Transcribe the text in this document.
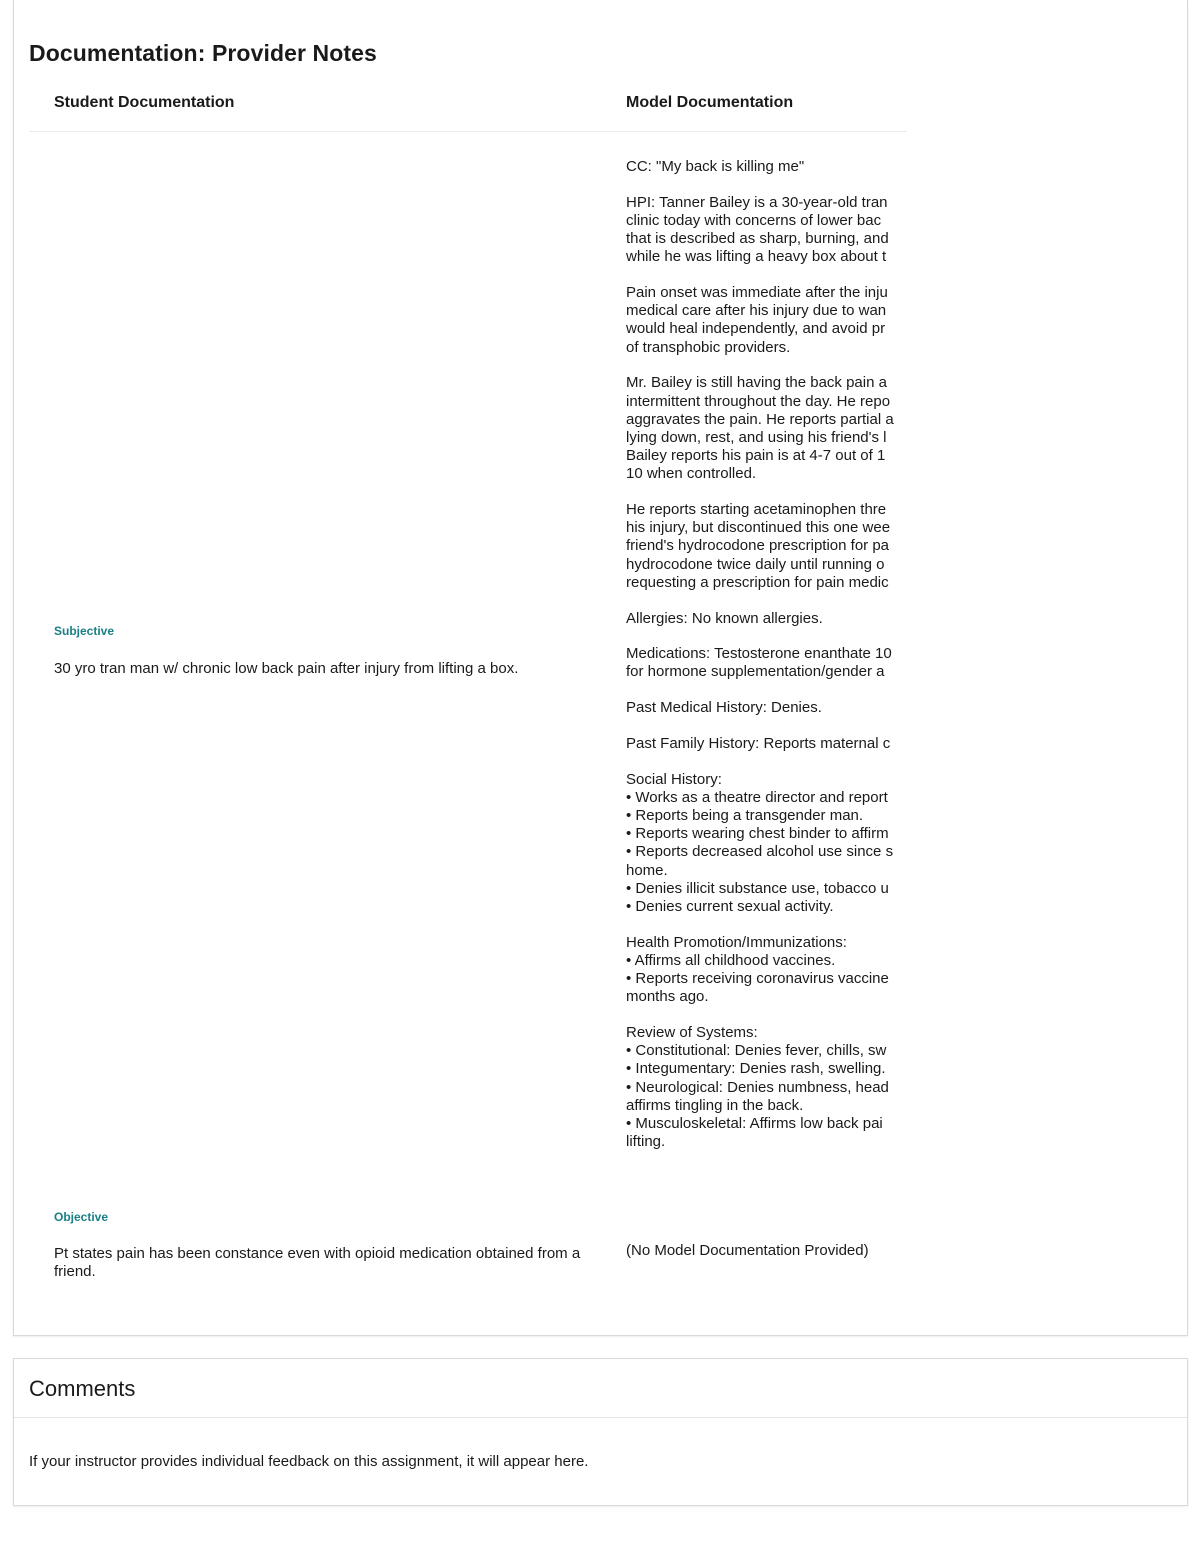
Documentation: Provider Notes
Student Documentation	Model Documentation
Subjective
30 yro tran man w/ chronic low back pain after injury from lifting a box.

CC: "My back is killing me"

HPI: Tanner Bailey is a 30-year-old tran
clinic today with concerns of lower bac
that is described as sharp, burning, and
while he was lifting a heavy box about t

Pain onset was immediate after the inju
medical care after his injury due to wan
would heal independently, and avoid pr
of transphobic providers.

Mr. Bailey is still having the back pain a
intermittent throughout the day. He repo
aggravates the pain. He reports partial a
lying down, rest, and using his friend's l
Bailey reports his pain is at 4-7 out of 1
10 when controlled.

He reports starting acetaminophen thre
his injury, but discontinued this one wee
friend's hydrocodone prescription for pa
hydrocodone twice daily until running o
requesting a prescription for pain medic

Allergies: No known allergies.

Medications: Testosterone enanthate 10
for hormone supplementation/gender a

Past Medical History: Denies.

Past Family History: Reports maternal c

Social History:
• Works as a theatre director and report
• Reports being a transgender man.
• Reports wearing chest binder to affirm
• Reports decreased alcohol use since s
home.
• Denies illicit substance use, tobacco u
• Denies current sexual activity.

Health Promotion/Immunizations:
• Affirms all childhood vaccines.
• Reports receiving coronavirus vaccine
months ago.

Review of Systems:
• Constitutional: Denies fever, chills, sw
• Integumentary: Denies rash, swelling.
• Neurological: Denies numbness, head
affirms tingling in the back.
• Musculoskeletal: Affirms low back pai
lifting.

Objective
Pt states pain has been constance even with opioid medication obtained from a friend.
(No Model Documentation Provided)
Comments
If your instructor provides individual feedback on this assignment, it will appear here.
